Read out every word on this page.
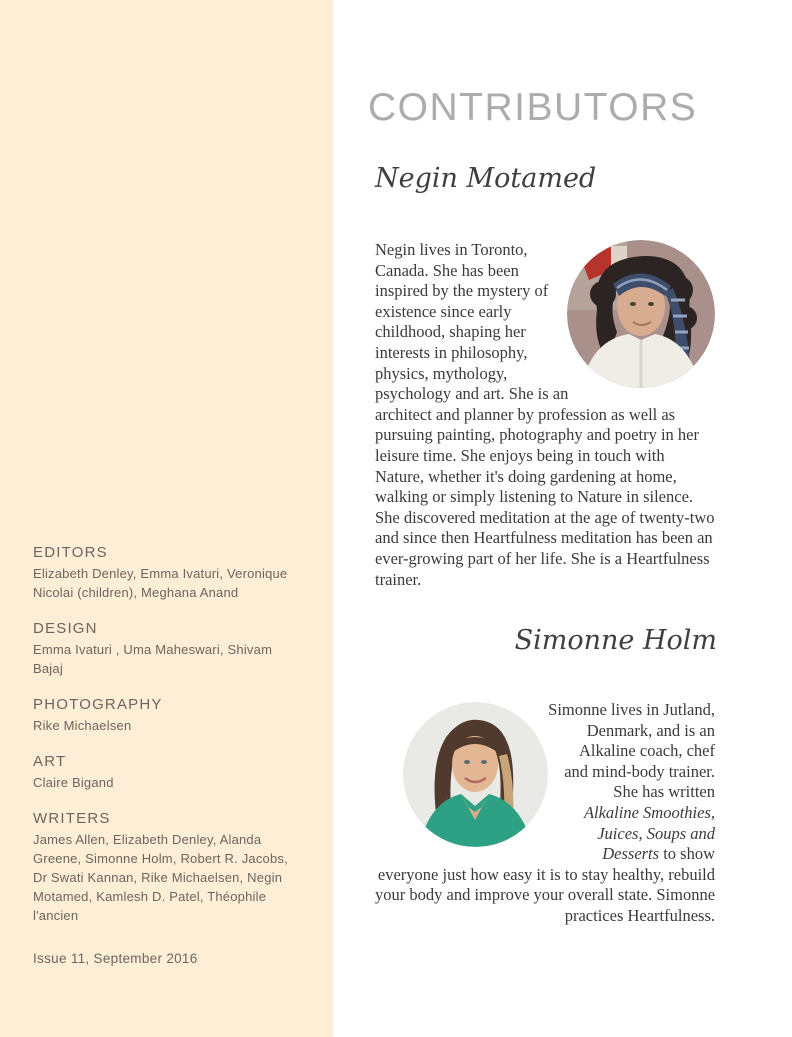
EDITORS
Elizabeth Denley, Emma Ivaturi, Veronique Nicolai (children), Meghana Anand
DESIGN
Emma Ivaturi , Uma Maheswari, Shivam Bajaj
PHOTOGRAPHY
Rike Michaelsen
ART
Claire Bigand
WRITERS
James Allen, Elizabeth Denley, Alanda Greene, Simonne Holm, Robert R. Jacobs, Dr Swati Kannan, Rike Michaelsen, Negin Motamed, Kamlesh D. Patel, Théophile l'ancien
Issue 11, September 2016
CONTRIBUTORS
Negin Motamed
Negin lives in Toronto, Canada. She has been inspired by the mystery of existence since early childhood, shaping her interests in philosophy, physics, mythology, psychology and art. She is an architect and planner by profession as well as pursuing painting, photography and poetry in her leisure time. She enjoys being in touch with Nature, whether it's doing gardening at home, walking or simply listening to Nature in silence. She discovered meditation at the age of twenty-two and since then Heartfulness meditation has been an ever-growing part of her life. She is a Heartfulness trainer.
Simonne Holm
Simonne lives in Jutland, Denmark, and is an Alkaline coach, chef and mind-body trainer. She has written Alkaline Smoothies, Juices, Soups and Desserts to show everyone just how easy it is to stay healthy, rebuild your body and improve your overall state. Simonne practices Heartfulness.
